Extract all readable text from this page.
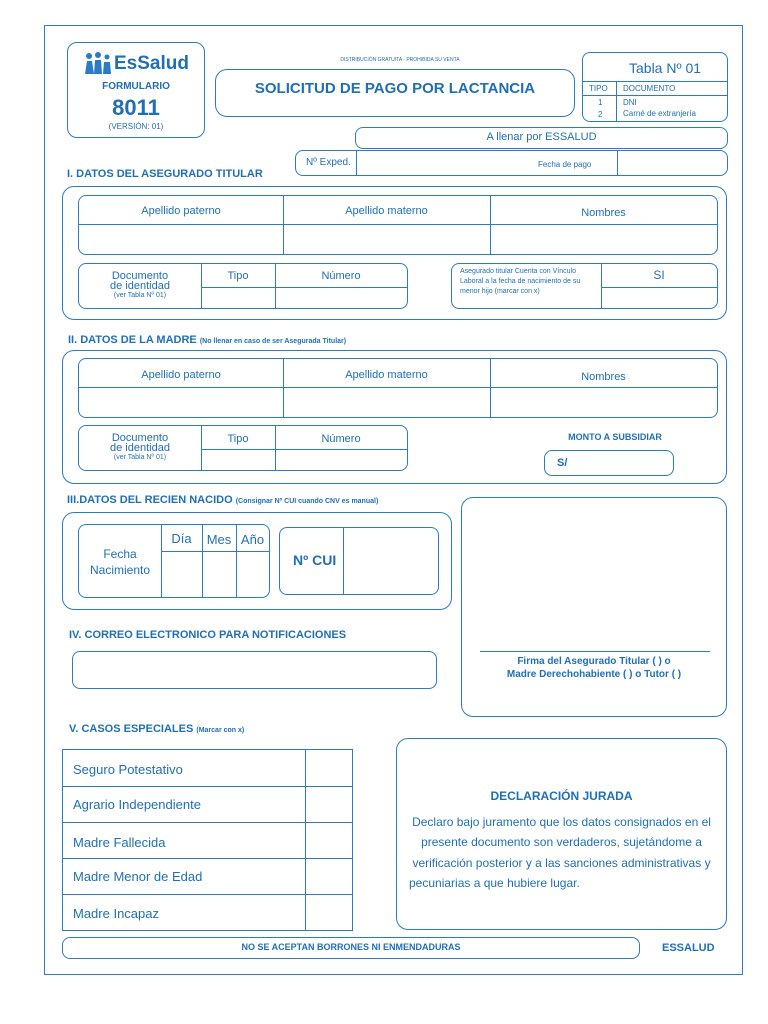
EsSalud
FORMULARIO
8011
(VERSIÓN: 01)
DISTRIBUCIÓN GRATUITA - PROHIBIDA SU VENTA
SOLICITUD DE PAGO POR LACTANCIA
Tabla Nº 01
TIPO DOCUMENTO
1	DNI
2	Carné de extranjería
A llenar por ESSALUD
Nº Exped.	Fecha de pago
I. DATOS DEL ASEGURADO TITULAR
Apellido paterno	Apellido materno	Nombres
Documento
de identidad
(ver Tabla Nº 01)
Tipo	Número	Asegurado titular Cuenta con Vínculo
Laboral a la fecha de nacimiento de su
menor hijo (marcar con x)
SI
II. DATOS DE LA MADRE (No llenar en caso de ser Asegurada Titular)
Apellido paterno	Apellido materno	Nombres
Documento
de identidad
(ver Tabla Nº 01)
Tipo	Número	MONTO A SUBSIDIAR
S/
III.DATOS DEL RECIEN NACIDO (Consignar Nº CUI cuando CNV es manual)
Fecha
Nacimiento
Día	Mes Año
Nº CUI
Firma del Asegurado Titular ( ) o
Madre Derechohabiente ( ) o Tutor ( )
IV. CORREO ELECTRONICO PARA NOTIFICACIONES
V. CASOS ESPECIALES (Marcar con x)
Seguro Potestativo
Agrario Independiente
Madre Fallecida
Madre Menor de Edad
Madre Incapaz
DECLARACIÓN JURADA
Declaro bajo juramento que los datos consignados en el
presente documento son verdaderos, sujetándome a
verificación posterior y a las sanciones administrativas y
pecuniarias a que hubiere lugar.
NO SE ACEPTAN BORRONES NI ENMENDADURAS	ESSALUD
